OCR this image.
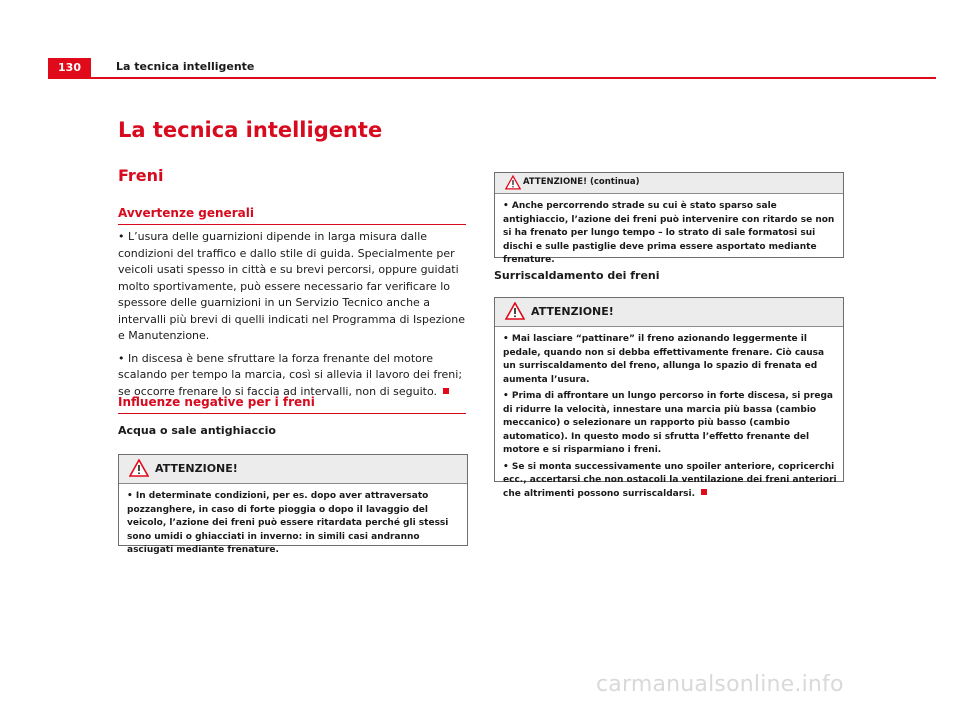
130	La tecnica intelligente
La tecnica intelligente
Freni
Avvertenze generali

• L’usura delle guarnizioni dipende in larga misura dalle condizioni del traffico e dallo stile di guida. Specialmente per veicoli usati spesso in città e su brevi percorsi, oppure guidati molto sportivamente, può essere necessario far verificare lo spessore delle guarnizioni in un Servizio Tecnico anche a intervalli più brevi di quelli indicati nel Programma di Ispezione e Manutenzione.

• In discesa è bene sfruttare la forza frenante del motore scalando per tempo la marcia, così si allevia il lavoro dei freni; se occorre frenare lo si faccia ad intervalli, non di seguito.

Influenze negative per i freni
Acqua o sale antighiaccio
ATTENZIONE!

• In determinate condizioni, per es. dopo aver attraversato pozzanghere, in caso di forte pioggia o dopo il lavaggio del veicolo, l’azione dei freni può essere ritardata perché gli stessi sono umidi o ghiacciati in inverno: in simili casi andranno asciugati mediante frenature.

ATTENZIONE! (continua)

• Anche percorrendo strade su cui è stato sparso sale antighiaccio, l’azione dei freni può intervenire con ritardo se non si ha frenato per lungo tempo – lo strato di sale formatosi sui dischi e sulle pastiglie deve prima essere asportato mediante frenature.

Surriscaldamento dei freni
ATTENZIONE!

• Mai lasciare “pattinare” il freno azionando leggermente il pedale, quando non si debba effettivamente frenare. Ciò causa un surriscaldamento del freno, allunga lo spazio di frenata ed aumenta l’usura.

• Prima di affrontare un lungo percorso in forte discesa, si prega di ridurre la velocità, innestare una marcia più bassa (cambio meccanico) o selezionare un rapporto più basso (cambio automatico). In questo modo si sfrutta l’effetto frenante del motore e si risparmiano i freni.

• Se si monta successivamente uno spoiler anteriore, copricerchi ecc., accertarsi che non ostacoli la ventilazione dei freni anteriori che altrimenti possono surriscaldarsi.

carmanualsonline.info
